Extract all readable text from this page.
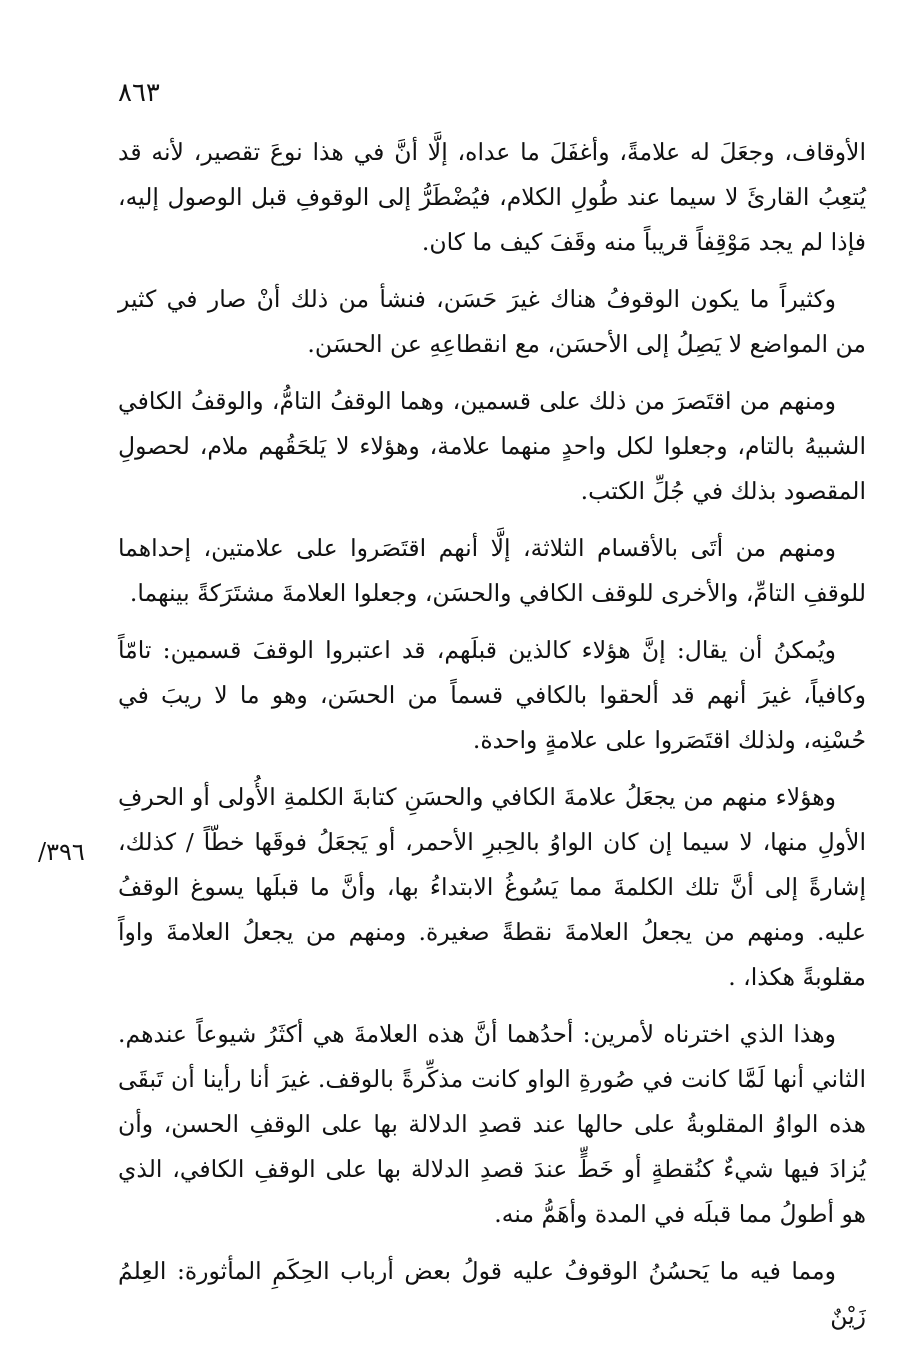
٨٦٣
٣٩٦/

الأوقاف، وجعَلَ له علامةً، وأغفَلَ ما عداه، إلَّا أنَّ في هذا نوعَ تقصير، لأنه قد يُتعِبُ القارئَ لا سيما عند طُولِ الكلام، فيُضْطَرُّ إلى الوقوفِ قبل الوصول إليه، فإذا لم يجد مَوْقِفاً قريباً منه وقَفَ كيف ما كان.

وكثيراً ما يكون الوقوفُ هناك غيرَ حَسَن، فنشأ من ذلك أنْ صار في كثير من المواضع لا يَصِلُ إلى الأحسَن، مع انقطاعِهِ عن الحسَن.

ومنهم من اقتَصرَ من ذلك على قسمين، وهما الوقفُ التامُّ، والوقفُ الكافي الشبيهُ بالتام، وجعلوا لكل واحدٍ منهما علامة، وهؤلاء لا يَلحَقُهم ملام، لحصولِ المقصود بذلك في جُلِّ الكتب.

ومنهم من أتَى بالأقسام الثلاثة، إلَّا أنهم اقتَصَروا على علامتين، إحداهما للوقفِ التامِّ، والأخرى للوقف الكافي والحسَن، وجعلوا العلامةَ مشتَرَكةً بينهما.

ويُمكنُ أن يقال: إنَّ هؤلاء كالذين قبلَهم، قد اعتبروا الوقفَ قسمين: تامّاً وكافياً، غيرَ أنهم قد ألحقوا بالكافي قسماً من الحسَن، وهو ما لا ريبَ في حُسْنِه، ولذلك اقتَصَروا على علامةٍ واحدة.

وهؤلاء منهم من يجعَلُ علامةَ الكافي والحسَنِ كتابةَ الكلمةِ الأُولى أو الحرفِ الأولِ منها، لا سيما إن كان الواوُ بالحِبرِ الأحمر، أو يَجعَلُ فوقَها خطّاً / كذلك، إشارةً إلى أنَّ تلك الكلمةَ مما يَسُوغُ الابتداءُ بها، وأنَّ ما قبلَها يسوغ الوقفُ عليه. ومنهم من يجعلُ العلامةَ نقطةً صغيرة. ومنهم من يجعلُ العلامةَ واواً مقلوبةً هكذا، .

وهذا الذي اخترناه لأمرين: أحدُهما أنَّ هذه العلامةَ هي أكثَرُ شيوعاً عندهم. الثاني أنها لَمَّا كانت في صُورةِ الواو كانت مذكِّرةً بالوقف. غيرَ أنا رأينا أن تَبقَى هذه الواوُ المقلوبةُ على حالها عند قصدِ الدلالة بها على الوقفِ الحسن، وأن يُزادَ فيها شيءٌ كنُقطةٍ أو خَطٍّ عندَ قصدِ الدلالة بها على الوقفِ الكافي، الذي هو أطولُ مما قبلَه في المدة وأهَمُّ منه.

ومما فيه ما يَحسُنُ الوقوفُ عليه قولُ بعض أرباب الحِكَمِ المأثورة: العِلمُ زَيْنٌ
